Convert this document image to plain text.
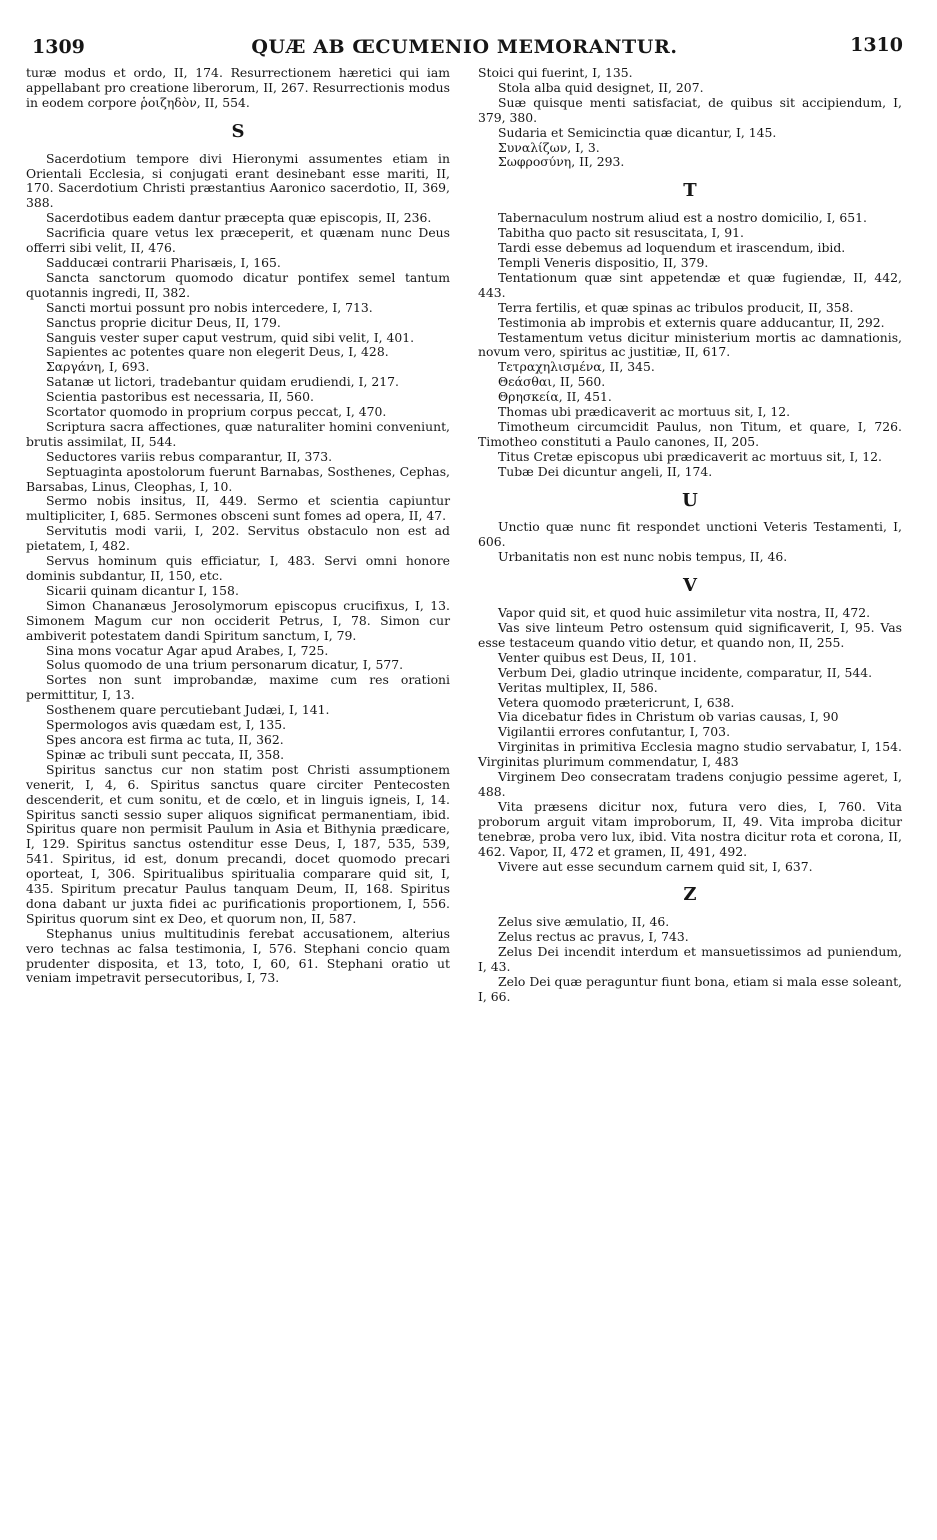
1309	QUÆ AB ŒCUMENIO MEMORANTUR.	1310

turæ modus et ordo, II, 174. Resurrectionem hæretici qui iam appellabant pro creatione liberorum, II, 267. Resurrectionis modus in eodem corpore ῥοιζηδὸν, II, 554.

S

Sacerdotium tempore divi Hieronymi assumentes etiam in Orientali Ecclesia, si conjugati erant desinebant esse mariti, II, 170. Sacerdotium Christi præstantius Aaronico sacerdotio, II, 369, 388.

Sacerdotibus eadem dantur præcepta quæ episcopis, II, 236.

Sacrificia quare vetus lex præceperit, et quænam nunc Deus offerri sibi velit, II, 476.

Sadducæi contrarii Pharisæis, I, 165.

Sancta sanctorum quomodo dicatur pontifex semel tantum quotannis ingredi, II, 382.

Sancti mortui possunt pro nobis intercedere, I, 713.

Sanctus proprie dicitur Deus, II, 179.

Sanguis vester super caput vestrum, quid sibi velit, I, 401.

Sapientes ac potentes quare non elegerit Deus, I, 428.

Σαργάνη, I, 693.

Satanæ ut lictori, tradebantur quidam erudiendi, I, 217.

Scientia pastoribus est necessaria, II, 560.

Scortator quomodo in proprium corpus peccat, I, 470.

Scriptura sacra affectiones, quæ naturaliter homini conveniunt, brutis assimilat, II, 544.

Seductores variis rebus comparantur, II, 373.

Septuaginta apostolorum fuerunt Barnabas, Sosthenes, Cephas, Barsabas, Linus, Cleophas, I, 10.

Sermo nobis insitus, II, 449. Sermo et scientia capiuntur multipliciter, I, 685. Sermones obsceni sunt fomes ad opera, II, 47.

Servitutis modi varii, I, 202. Servitus obstaculo non est ad pietatem, I, 482.

Servus hominum quis efficiatur, I, 483. Servi omni honore dominis subdantur, II, 150, etc.

Sicarii quinam dicantur I, 158.

Simon Chananæus Jerosolymorum episcopus crucifixus, I, 13. Simonem Magum cur non occiderit Petrus, I, 78. Simon cur ambiverit potestatem dandi Spiritum sanctum, I, 79.

Sina mons vocatur Agar apud Arabes, I, 725.

Solus quomodo de una trium personarum dicatur, I, 577.

Sortes non sunt improbandæ, maxime cum res orationi permittitur, I, 13.

Sosthenem quare percutiebant Judæi, I, 141.

Spermologos avis quædam est, I, 135.

Spes ancora est firma ac tuta, II, 362.

Spinæ ac tribuli sunt peccata, II, 358.

Spiritus sanctus cur non statim post Christi assumptionem venerit, I, 4, 6. Spiritus sanctus quare circiter Pentecosten descenderit, et cum sonitu, et de cœlo, et in linguis igneis, I, 14. Spiritus sancti sessio super aliquos significat permanentiam, ibid. Spiritus quare non permisit Paulum in Asia et Bithynia prædicare, I, 129. Spiritus sanctus ostenditur esse Deus, I, 187, 535, 539, 541. Spiritus, id est, donum precandi, docet quomodo precari oporteat, I, 306. Spiritualibus spiritualia comparare quid sit, I, 435. Spiritum precatur Paulus tanquam Deum, II, 168. Spiritus dona dabant ur juxta fidei ac purificationis proportionem, I, 556. Spiritus quorum sint ex Deo, et quorum non, II, 587.

Stephanus unius multitudinis ferebat accusationem, alterius vero technas ac falsa testimonia, I, 576. Stephani concio quam prudenter disposita, et 13, toto, I, 60, 61. Stephani oratio ut veniam impetravit persecutoribus, I, 73.

Stoici qui fuerint, I, 135.

Stola alba quid designet, II, 207.

Suæ quisque menti satisfaciat, de quibus sit accipiendum, I, 379, 380.

Sudaria et Semicinctia quæ dicantur, I, 145.

Συναλίζων, I, 3.

Σωφροσύνη, II, 293.

T

Tabernaculum nostrum aliud est a nostro domicilio, I, 651.

Tabitha quo pacto sit resuscitata, I, 91.

Tardi esse debemus ad loquendum et irascendum, ibid.

Templi Veneris dispositio, II, 379.

Tentationum quæ sint appetendæ et quæ fugiendæ, II, 442, 443.

Terra fertilis, et quæ spinas ac tribulos producit, II, 358.

Testimonia ab improbis et externis quare adducantur, II, 292.

Testamentum vetus dicitur ministerium mortis ac damnationis, novum vero, spiritus ac justitiæ, II, 617.

Τετραχηλισμένα, II, 345.

Θεάσθαι, II, 560.

Θρησκεία, II, 451.

Thomas ubi prædicaverit ac mortuus sit, I, 12.

Timotheum circumcidit Paulus, non Titum, et quare, I, 726. Timotheo constituti a Paulo canones, II, 205.

Titus Cretæ episcopus ubi prædicaverit ac mortuus sit, I, 12.

Tubæ Dei dicuntur angeli, II, 174.

U

Unctio quæ nunc fit respondet unctioni Veteris Testamenti, I, 606.

Urbanitatis non est nunc nobis tempus, II, 46.

V

Vapor quid sit, et quod huic assimiletur vita nostra, II, 472.

Vas sive linteum Petro ostensum quid significaverit, I, 95. Vas esse testaceum quando vitio detur, et quando non, II, 255.

Venter quibus est Deus, II, 101.

Verbum Dei, gladio utrinque incidente, comparatur, II, 544.

Veritas multiplex, II, 586.

Vetera quomodo prætericrunt, I, 638.

Via dicebatur fides in Christum ob varias causas, I, 90

Vigilantii errores confutantur, I, 703.

Virginitas in primitiva Ecclesia magno studio servabatur, I, 154. Virginitas plurimum commendatur, I, 483

Virginem Deo consecratam tradens conjugio pessime ageret, I, 488.

Vita præsens dicitur nox, futura vero dies, I, 760. Vita proborum arguit vitam improborum, II, 49. Vita improba dicitur tenebræ, proba vero lux, ibid. Vita nostra dicitur rota et corona, II, 462. Vapor, II, 472 et gramen, II, 491, 492.

Vivere aut esse secundum carnem quid sit, I, 637.

Z

Zelus sive æmulatio, II, 46.

Zelus rectus ac pravus, I, 743.

Zelus Dei incendit interdum et mansuetissimos ad puniendum, I, 43.

Zelo Dei quæ peraguntur fiunt bona, etiam si mala esse soleant, I, 66.
